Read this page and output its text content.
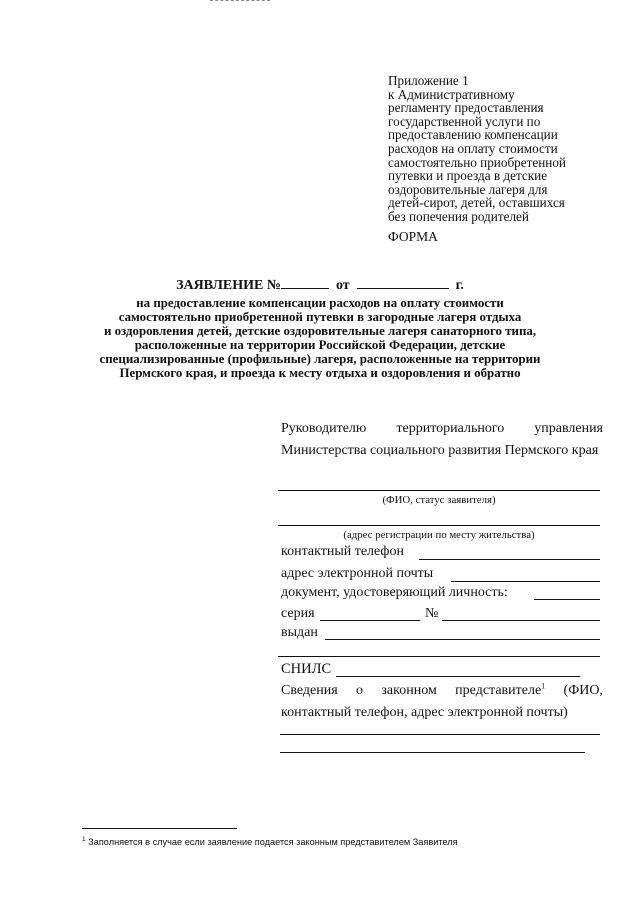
Приложение 1
к Административному
регламенту предоставления
государственной услуги по
предоставлению компенсации
расходов на оплату стоимости
самостоятельно приобретенной
путевки и проезда в детские
оздоровительные лагеря для
детей-сирот, детей, оставшихся
без попечения родителей
ФОРМА
ЗАЯВЛЕНИЕ №	от	г.
на предоставление компенсации расходов на оплату стоимости
самостоятельно приобретенной путевки в загородные лагеря отдыха
и оздоровления детей, детские оздоровительные лагеря санаторного типа,
расположенные на территории Российской Федерации, детские
специализированные (профильные) лагеря, расположенные на территории
Пермского края, и проезда к месту отдыха и оздоровления и обратно
Руководителю территориального управления Министерства социального развития Пермского края
(ФИО, статус заявителя)
(адрес регистрации по месту жительства)
контактный телефон
адрес электронной почты
документ, удостоверяющий личность:
серия	№
выдан
СНИЛС
Сведения о законном представителе$^1$ (ФИО, контактный телефон, адрес электронной почты)
$^1$ Заполняется в случае если заявление подается законным представителем Заявителя
